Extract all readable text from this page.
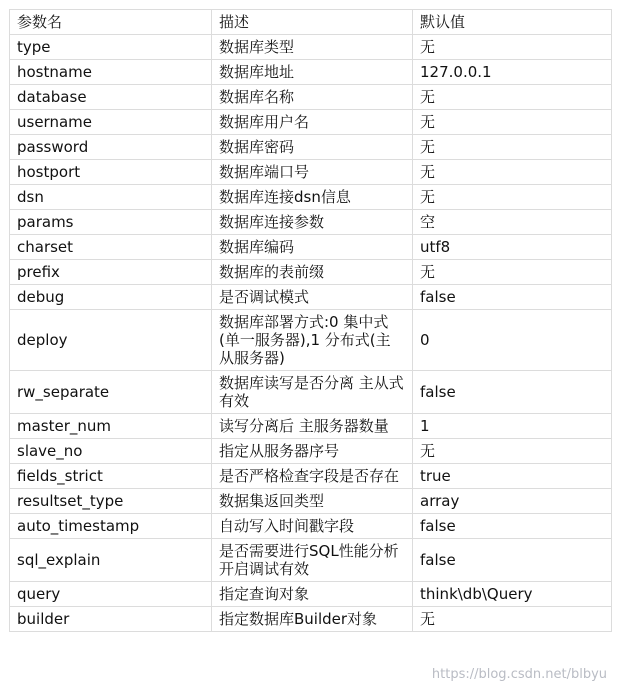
参数名	描述	默认值
type	数据库类型	无
hostname	数据库地址	127.0.0.1
database	数据库名称	无
username	数据库用户名	无
password	数据库密码	无
hostport	数据库端口号	无
dsn	数据库连接dsn信息	无
params	数据库连接参数	空
charset	数据库编码	utf8
prefix	数据库的表前缀	无
debug	是否调试模式	false
deploy	数据库部署方式:0 集中式(单一服务器),1 分布式(主从服务器)	0
rw_separate	数据库读写是否分离 主从式有效	false
master_num	读写分离后 主服务器数量	1
slave_no	指定从服务器序号	无
fields_strict	是否严格检查字段是否存在	true
resultset_type	数据集返回类型	array
auto_timestamp	自动写入时间戳字段	false
sql_explain	是否需要进行SQL性能分析 开启调试有效	false
query	指定查询对象	think\db\Query
builder	指定数据库Builder对象	无
https://blog.csdn.net/blbyu
